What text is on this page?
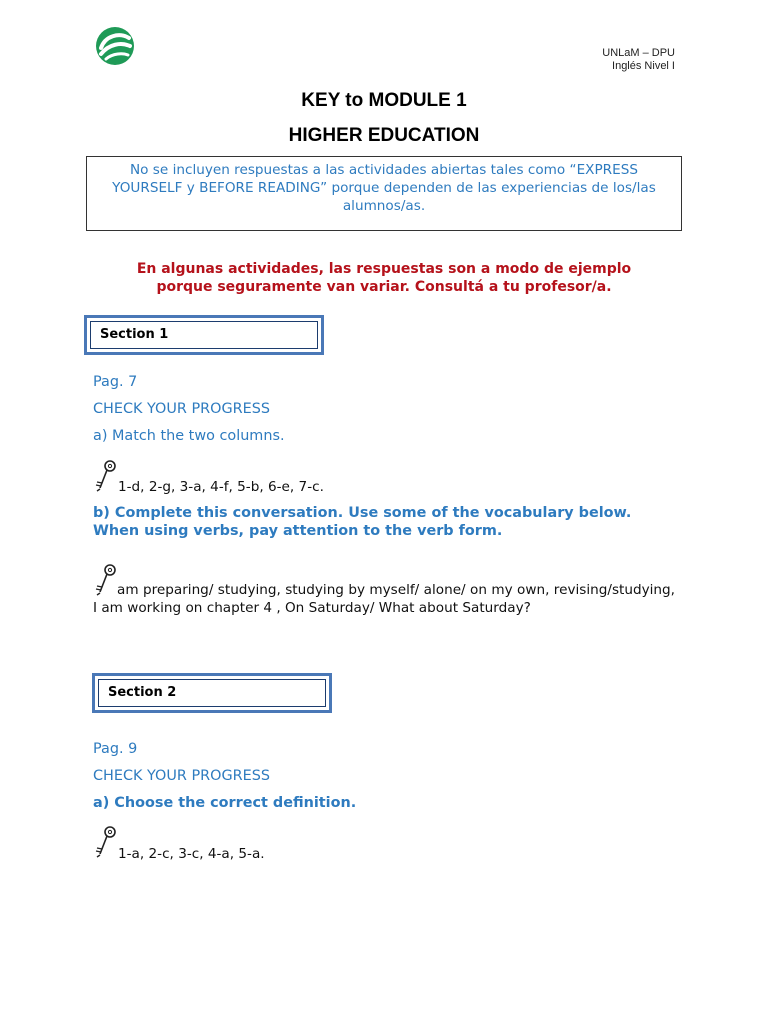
UNLaM – DPU
Inglés Nivel I
KEY to MODULE 1
HIGHER EDUCATION
No se incluyen respuestas a las actividades abiertas tales como “EXPRESS YOURSELF y BEFORE READING” porque dependen de las experiencias de los/las alumnos/as.
En algunas actividades, las respuestas son a modo de ejemplo
porque seguramente van variar. Consultá a tu profesor/a.
Section 1
Pag. 7
CHECK YOUR PROGRESS
a) Match the two columns.
1-d, 2-g, 3-a, 4-f, 5-b, 6-e, 7-c.
b) Complete this conversation. Use some of the vocabulary below.
When using verbs, pay attention to the verb form.
am preparing/ studying, studying by myself/ alone/ on my own, revising/studying, I am working on chapter 4 , On Saturday/ What about Saturday?
Section 2
Pag. 9
CHECK YOUR PROGRESS
a) Choose the correct definition.
1-a, 2-c, 3-c, 4-a, 5-a.
